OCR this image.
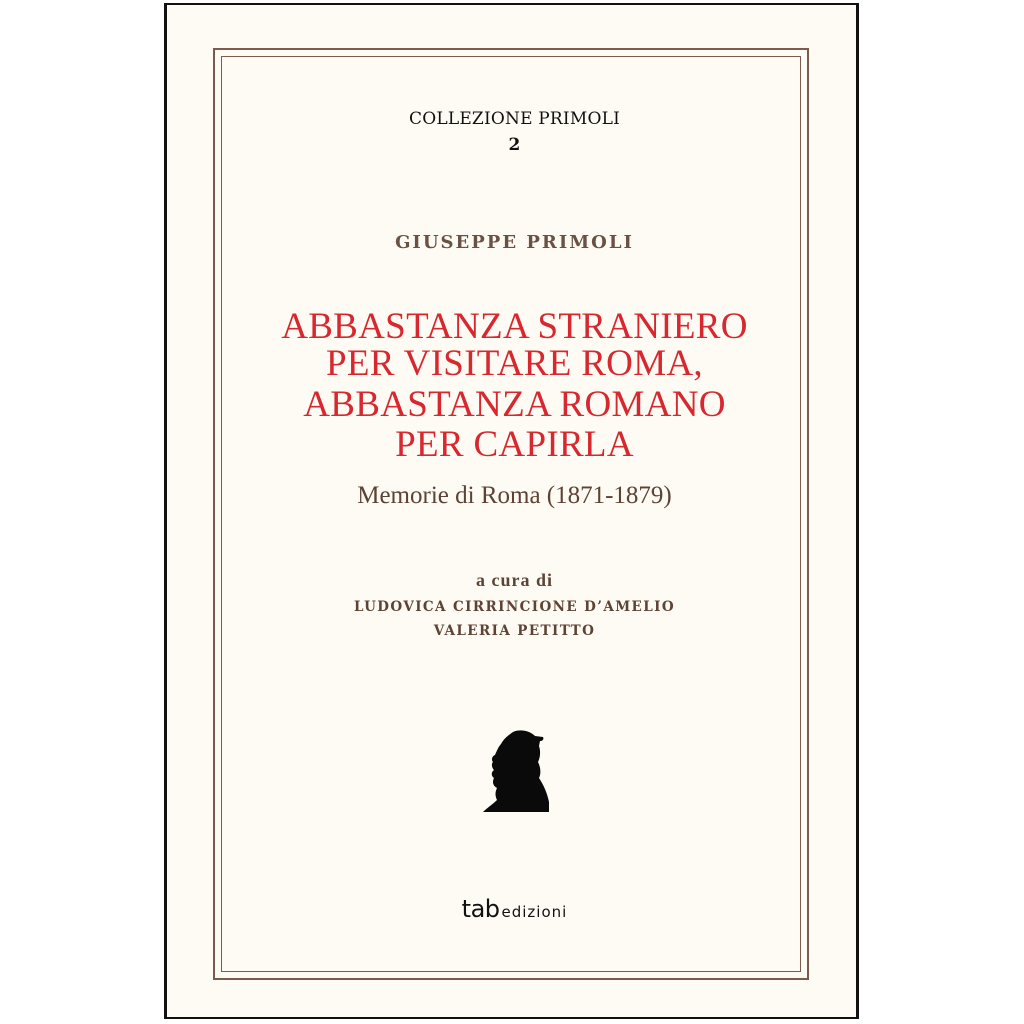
COLLEZIONE PRIMOLI
2
GIUSEPPE PRIMOLI
ABBASTANZA STRANIERO
PER VISITARE ROMA,
ABBASTANZA ROMANO
PER CAPIRLA
Memorie di Roma (1871-1879)
a cura di
LUDOVICA CIRRINCIONE D’AMELIO
VALERIA PETITTO
tab edizioni
